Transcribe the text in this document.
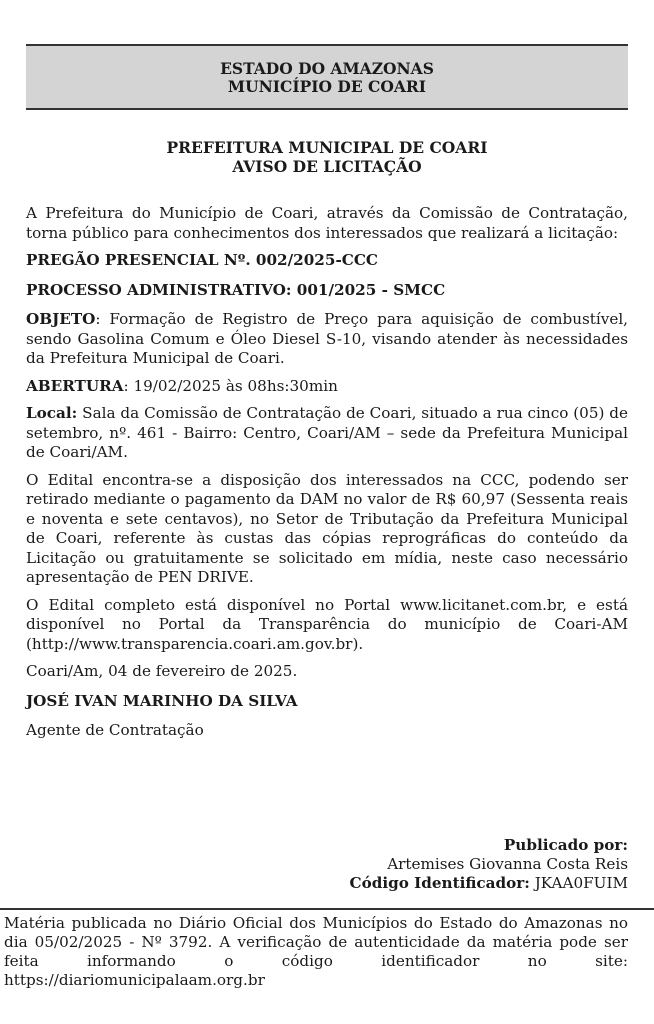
ESTADO DO AMAZONAS
MUNICÍPIO DE COARI
PREFEITURA MUNICIPAL DE COARI
AVISO DE LICITAÇÃO

A Prefeitura do Município de Coari, através da Comissão de Contratação, torna público para conhecimentos dos interessados que realizará a licitação:

PREGÃO PRESENCIAL Nº. 002/2025-CCC

PROCESSO ADMINISTRATIVO: 001/2025 - SMCC

OBJETO: Formação de Registro de Preço para aquisição de combustível, sendo Gasolina Comum e Óleo Diesel S-10, visando atender às necessidades da Prefeitura Municipal de Coari.

ABERTURA: 19/02/2025 às 08hs:30min

Local: Sala da Comissão de Contratação de Coari, situado a rua cinco (05) de setembro, nº. 461 - Bairro: Centro, Coari/AM – sede da Prefeitura Municipal de Coari/AM.

O Edital encontra-se a disposição dos interessados na CCC, podendo ser retirado mediante o pagamento da DAM no valor de R$ 60,97 (Sessenta reais e noventa e sete centavos), no Setor de Tributação da Prefeitura Municipal de Coari, referente às custas das cópias reprográficas do conteúdo da Licitação ou gratuitamente se solicitado em mídia, neste caso necessário apresentação de PEN DRIVE.

O Edital completo está disponível no Portal www.licitanet.com.br, e está disponível no Portal da Transparência do município de Coari-AM (http://www.transparencia.coari.am.gov.br).

Coari/Am, 04 de fevereiro de 2025.

JOSÉ IVAN MARINHO DA SILVA

Agente de Contratação

Publicado por:
Artemises Giovanna Costa Reis
Código Identificador: JKAA0FUIM
Matéria publicada no Diário Oficial dos Municípios do Estado do Amazonas no dia 05/02/2025 - Nº 3792. A verificação de autenticidade da matéria pode ser feita informando o código identificador no site: https://diariomunicipalaam.org.br
